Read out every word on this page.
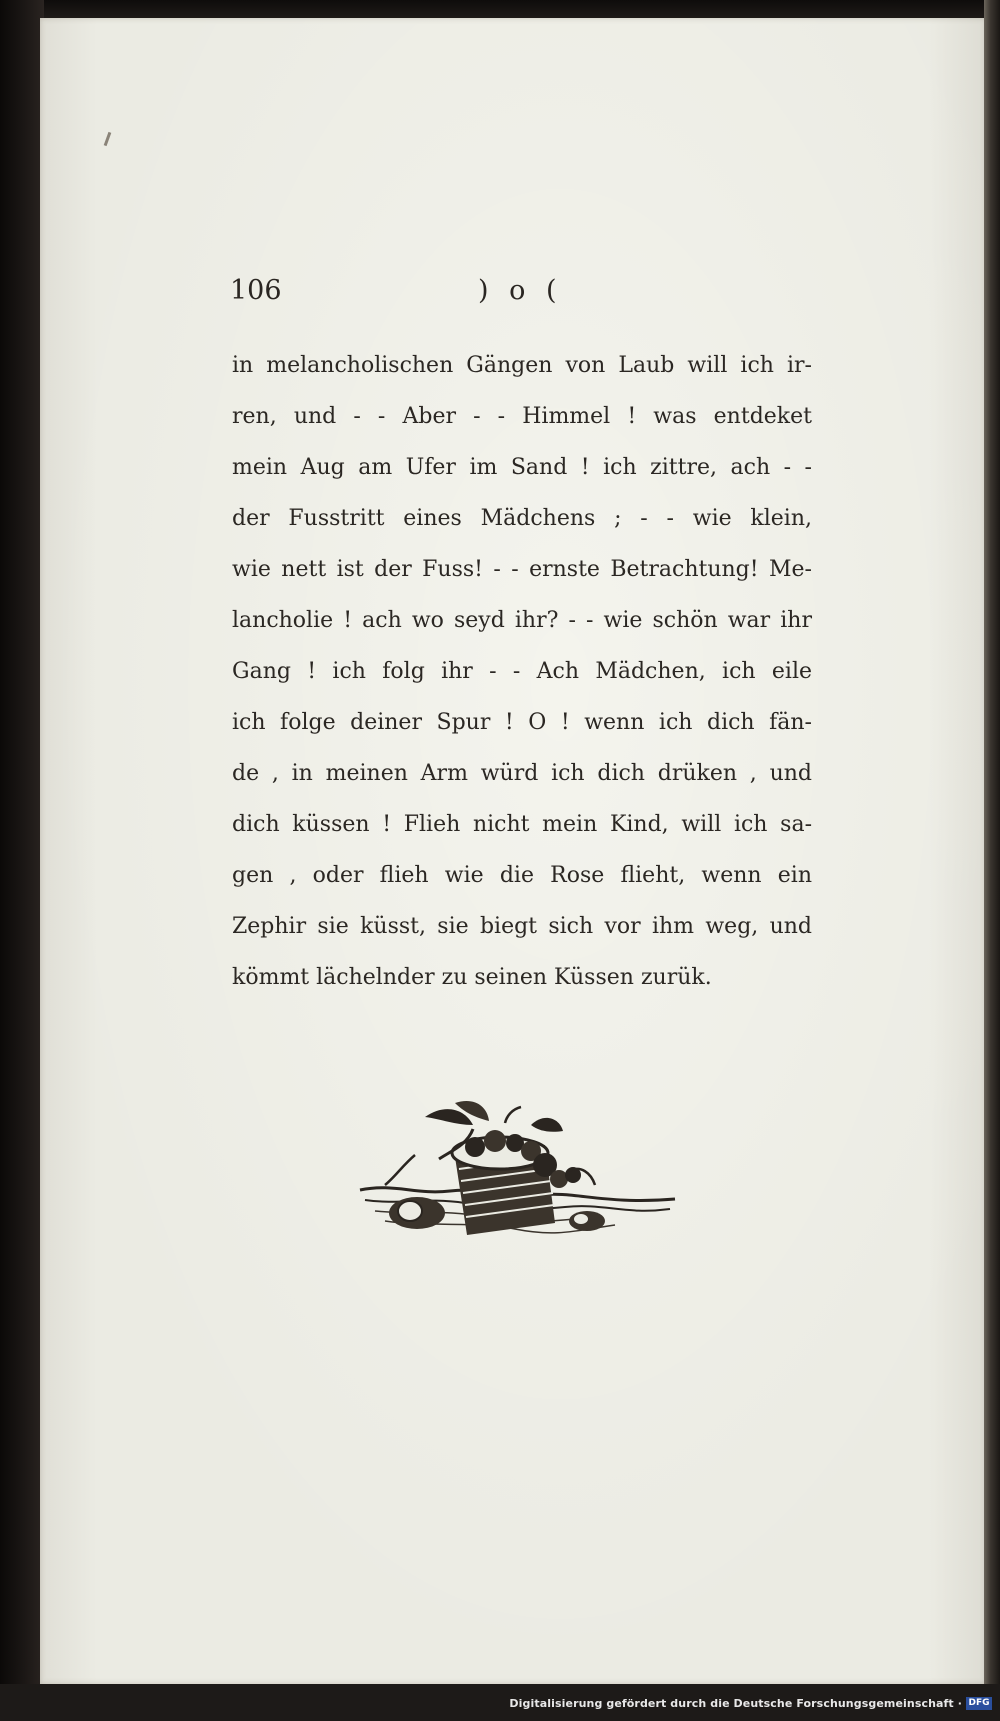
106	) o (
in melancholischen Gängen von Laub will ich ir-
ren, und - - Aber - - Himmel ! was entdeket
mein Aug am Ufer im Sand ! ich zittre, ach - -
der Fusstritt eines Mädchens ; - - wie klein,
wie nett ist der Fuss! - - ernste Betrachtung! Me-
lancholie ! ach wo seyd ihr? - - wie schön war ihr
Gang ! ich folg ihr - - Ach Mädchen, ich eile
ich folge deiner Spur ! O ! wenn ich dich fän-
de , in meinen Arm würd ich dich drüken , und
dich küssen ! Flieh nicht mein Kind, will ich sa-
gen , oder flieh wie die Rose flieht, wenn ein
Zephir sie küsst, sie biegt sich vor ihm weg, und
kömmt lächelnder zu seinen Küssen zurük.
Digitalisierung gefördert durch die Deutsche Forschungsgemeinschaft · DFG
